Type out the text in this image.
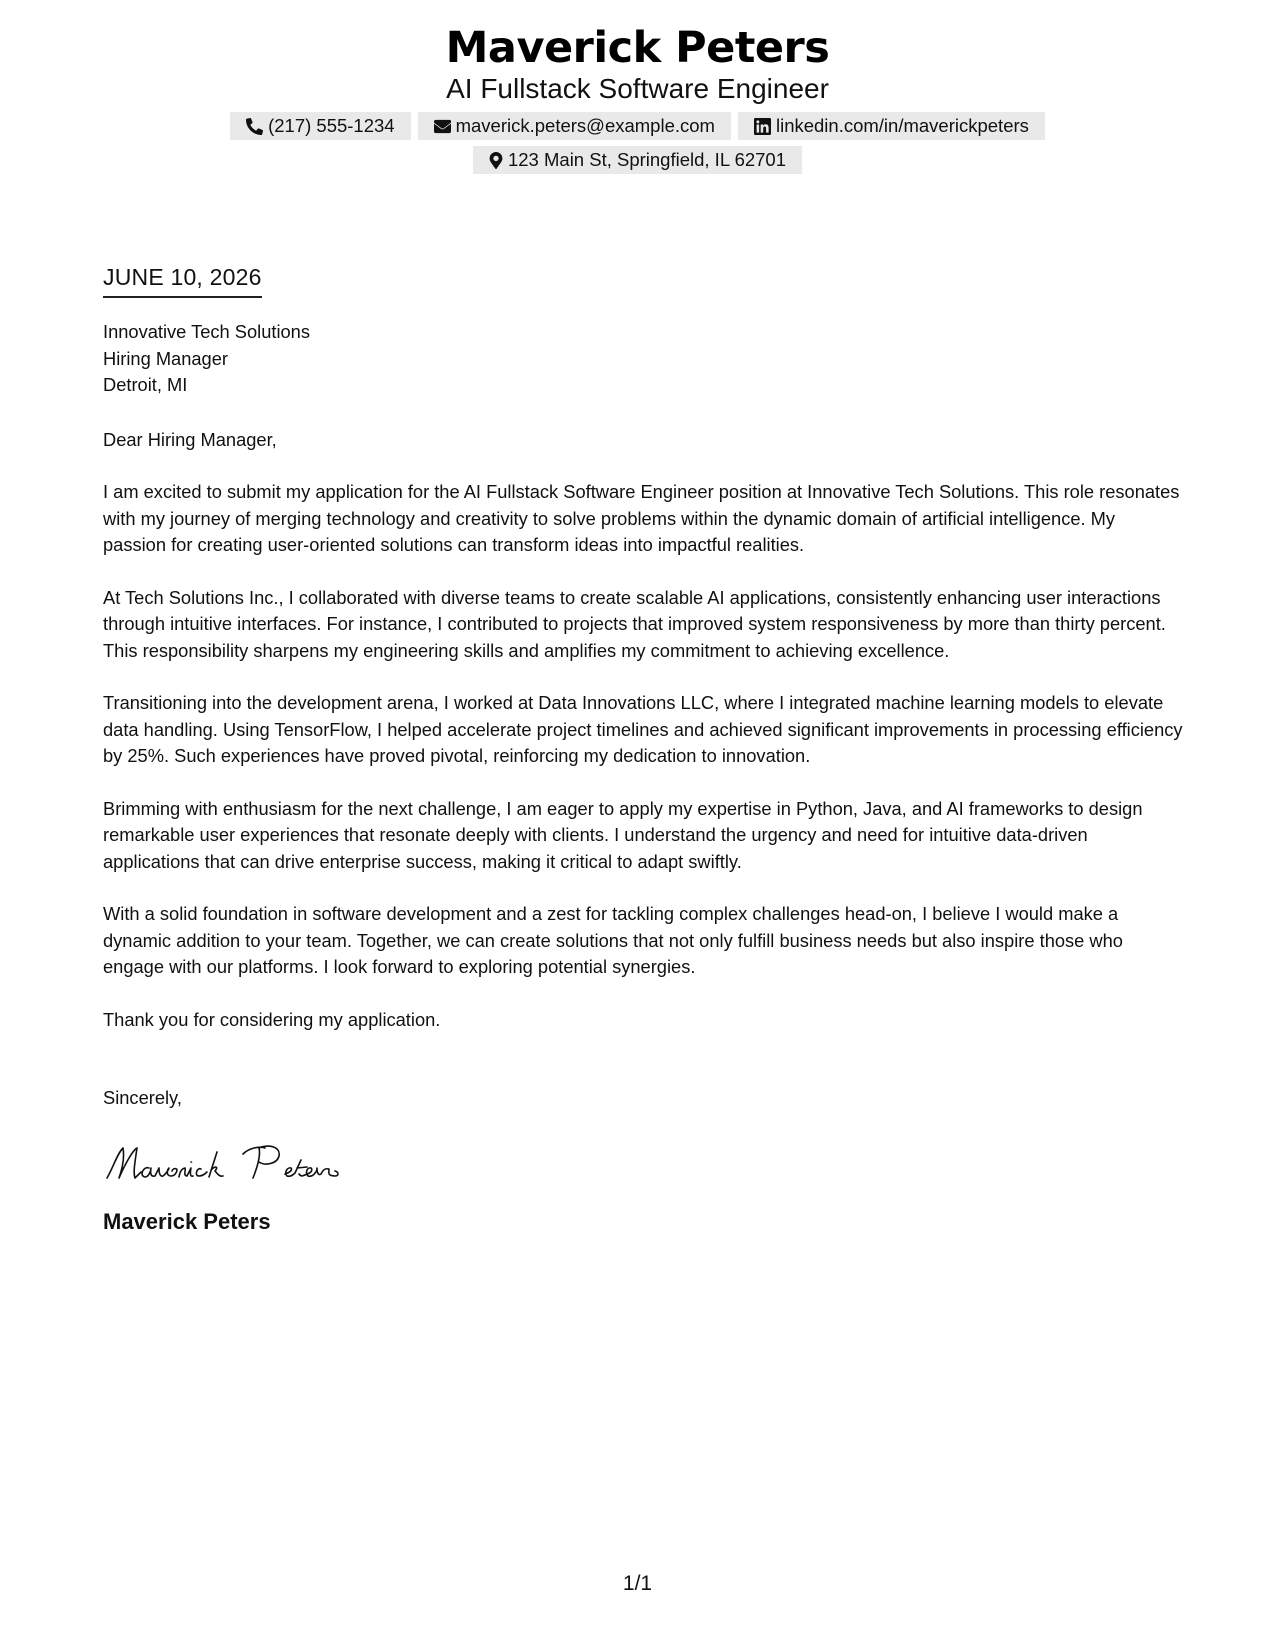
Maverick Peters
AI Fullstack Software Engineer
(217) 555-1234	maverick.peters@example.com	linkedin.com/in/maverickpeters
123 Main St, Springfield, IL 62701
JUNE 10, 2026
Innovative Tech Solutions
Hiring Manager
Detroit, MI

Dear Hiring Manager,

I am excited to submit my application for the AI Fullstack Software Engineer position at Innovative Tech Solutions. This role resonates with my journey of merging technology and creativity to solve problems within the dynamic domain of artificial intelligence. My passion for creating user-oriented solutions can transform ideas into impactful realities.

At Tech Solutions Inc., I collaborated with diverse teams to create scalable AI applications, consistently enhancing user interactions through intuitive interfaces. For instance, I contributed to projects that improved system responsiveness by more than thirty percent. This responsibility sharpens my engineering skills and amplifies my commitment to achieving excellence.

Transitioning into the development arena, I worked at Data Innovations LLC, where I integrated machine learning models to elevate data handling. Using TensorFlow, I helped accelerate project timelines and achieved significant improvements in processing efficiency by 25%. Such experiences have proved pivotal, reinforcing my dedication to innovation.

Brimming with enthusiasm for the next challenge, I am eager to apply my expertise in Python, Java, and AI frameworks to design remarkable user experiences that resonate deeply with clients. I understand the urgency and need for intuitive data-driven applications that can drive enterprise success, making it critical to adapt swiftly.

With a solid foundation in software development and a zest for tackling complex challenges head-on, I believe I would make a dynamic addition to your team. Together, we can create solutions that not only fulfill business needs but also inspire those who engage with our platforms. I look forward to exploring potential synergies.

Thank you for considering my application.

Sincerely,
Maverick Peters
1/1
